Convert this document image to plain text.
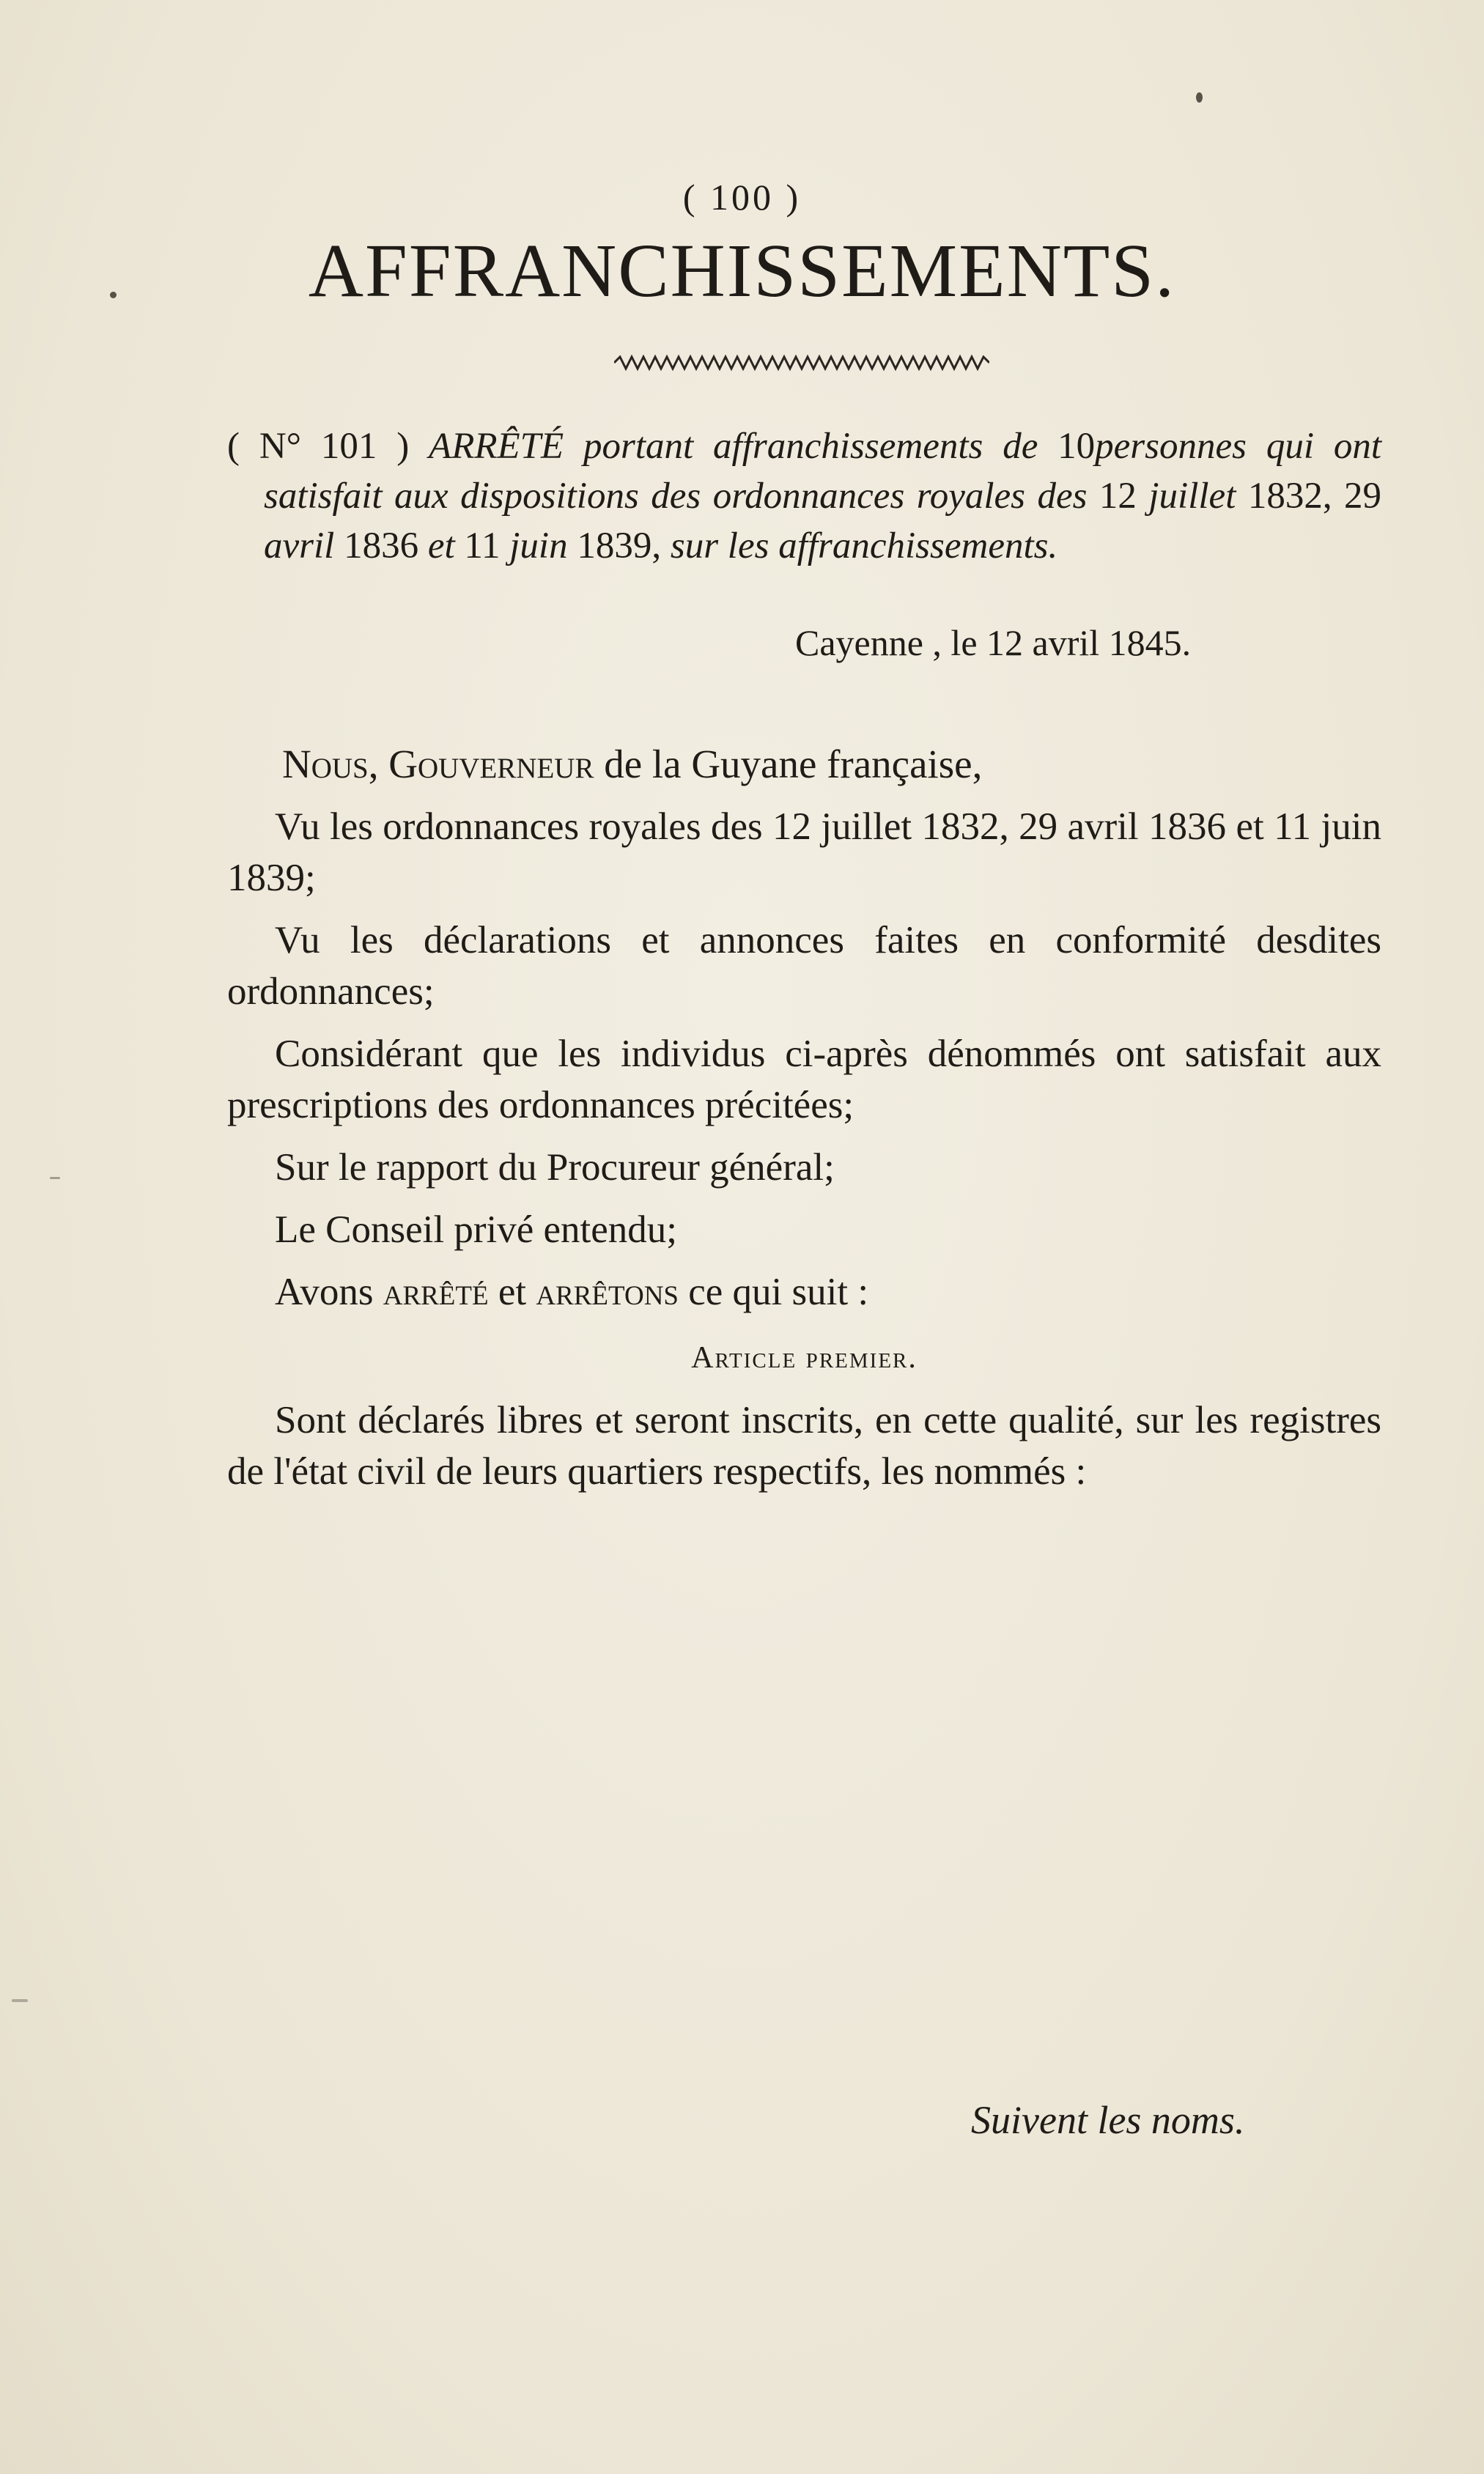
( 100 )
AFFRANCHISSEMENTS.
( N° 101 ) ARRÊTÉ portant affranchissements de 10personnes qui ont satisfait aux dispositions des ordonnances royales des 12 juillet 1832, 29 avril 1836 et 11 juin 1839, sur les affranchissements.
Cayenne , le 12 avril 1845.

Nous, Gouverneur de la Guyane française,

Vu les ordonnances royales des 12 juillet 1832, 29 avril 1836 et 11 juin 1839;

Vu les déclarations et annonces faites en conformité desdites ordonnances;

Considérant que les individus ci-après dénommés ont satisfait aux prescriptions des ordonnances précitées;

Sur le rapport du Procureur général;

Le Conseil privé entendu;

Avons arrêté et arrêtons ce qui suit :

Article premier.

Sont déclarés libres et seront inscrits, en cette qualité, sur les registres de l'état civil de leurs quartiers respectifs, les nommés :

Suivent les noms.
